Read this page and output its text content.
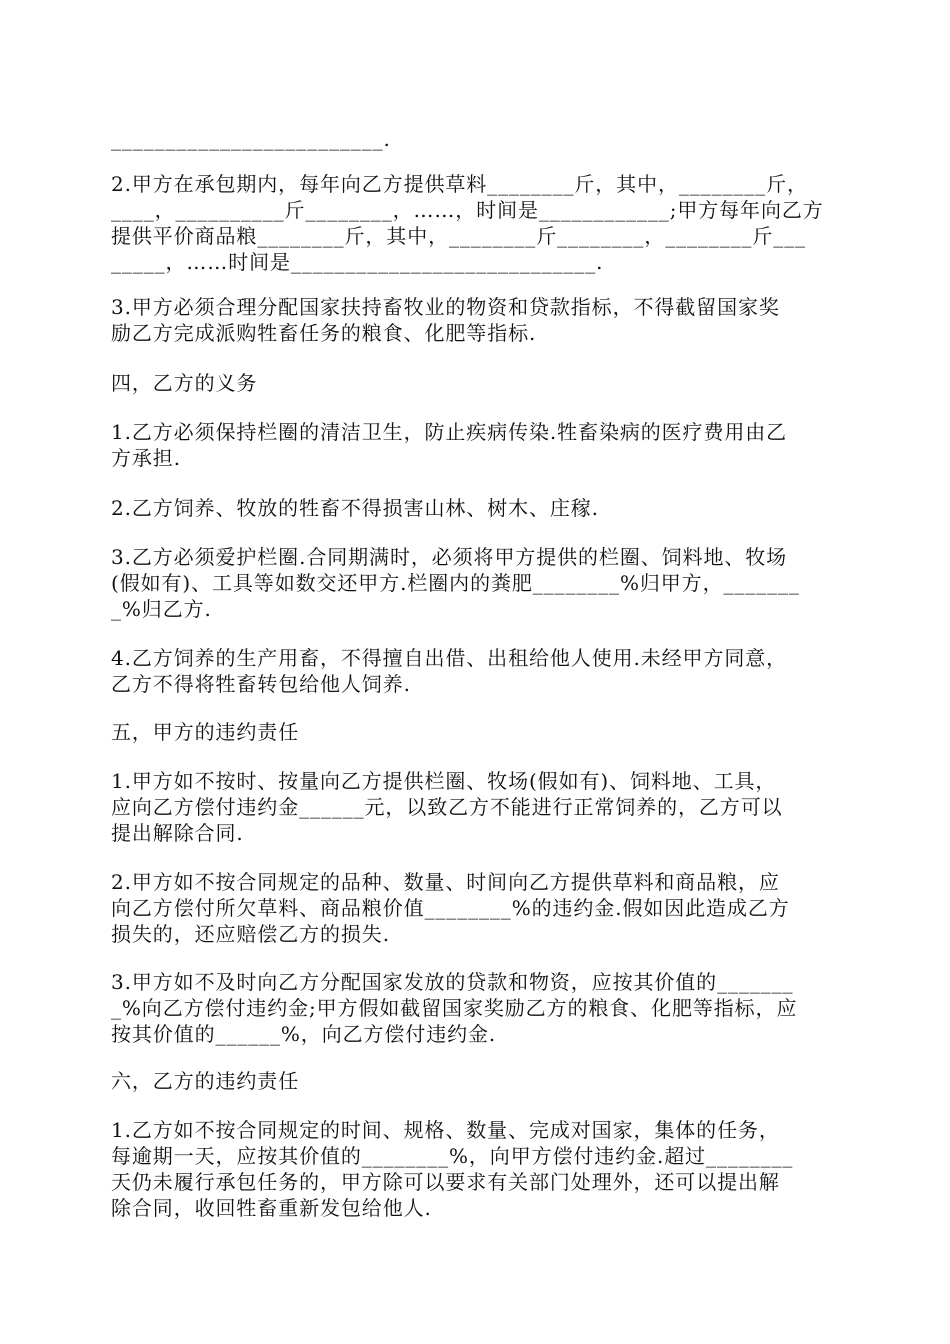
_________________________.
2.甲方在承包期内，每年向乙方提供草料________斤，其中，________斤，
____，__________斤________，……，时间是____________;甲方每年向乙方
提供平价商品粮________斤，其中，________斤________，________斤___
_____，……时间是____________________________.
3.甲方必须合理分配国家扶持畜牧业的物资和贷款指标，不得截留国家奖
励乙方完成派购牲畜任务的粮食、化肥等指标.
四，乙方的义务
1.乙方必须保持栏圈的清洁卫生，防止疾病传染.牲畜染病的医疗费用由乙
方承担.
2.乙方饲养、牧放的牲畜不得损害山林、树木、庄稼.
3.乙方必须爱护栏圈.合同期满时，必须将甲方提供的栏圈、饲料地、牧场
(假如有)、工具等如数交还甲方.栏圈内的粪肥________%归甲方，_______
_%归乙方.
4.乙方饲养的生产用畜，不得擅自出借、出租给他人使用.未经甲方同意，
乙方不得将牲畜转包给他人饲养.
五，甲方的违约责任
1.甲方如不按时、按量向乙方提供栏圈、牧场(假如有)、饲料地、工具，
应向乙方偿付违约金______元，以致乙方不能进行正常饲养的，乙方可以
提出解除合同.
2.甲方如不按合同规定的品种、数量、时间向乙方提供草料和商品粮，应
向乙方偿付所欠草料、商品粮价值________%的违约金.假如因此造成乙方
损失的，还应赔偿乙方的损失.
3.甲方如不及时向乙方分配国家发放的贷款和物资，应按其价值的_______
_%向乙方偿付违约金;甲方假如截留国家奖励乙方的粮食、化肥等指标，应
按其价值的______%，向乙方偿付违约金.
六，乙方的违约责任
1.乙方如不按合同规定的时间、规格、数量、完成对国家，集体的任务，
每逾期一天，应按其价值的________%，向甲方偿付违约金.超过________
天仍未履行承包任务的，甲方除可以要求有关部门处理外，还可以提出解
除合同，收回牲畜重新发包给他人.
